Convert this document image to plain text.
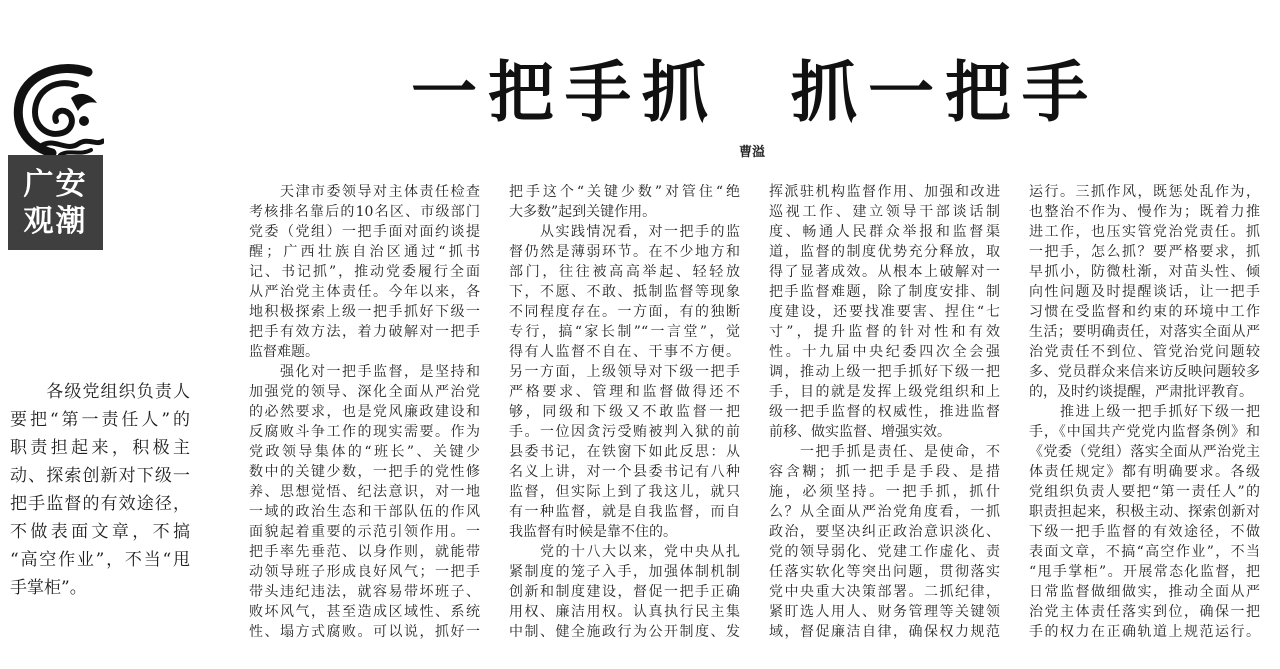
广安
观潮
一把手抓 抓一把手
曹溢
　　各级党组织负责人
要把“第一责任人”的
职责担起来，积极主
动、探索创新对下级一
把手监督的有效途径，
不做表面文章，不搞
“高空作业”，不当“甩
手掌柜”。
　　天津市委领导对主体责任检查
考核排名靠后的10名区、市级部门
党委（党组）一把手面对面约谈提
醒；广西壮族自治区通过“抓书
记、书记抓”，推动党委履行全面
从严治党主体责任。今年以来，各
地积极探索上级一把手抓好下级一
把手有效方法，着力破解对一把手
监督难题。
　　强化对一把手监督，是坚持和
加强党的领导、深化全面从严治党
的必然要求，也是党风廉政建设和
反腐败斗争工作的现实需要。作为
党政领导集体的“班长”、关键少
数中的关键少数，一把手的党性修
养、思想觉悟、纪法意识，对一地
一域的政治生态和干部队伍的作风
面貌起着重要的示范引领作用。一
把手率先垂范、以身作则，就能带
动领导班子形成良好风气；一把手
带头违纪违法，就容易带坏班子、
败坏风气，甚至造成区域性、系统
性、塌方式腐败。可以说，抓好一
把手这个“关键少数”对管住“绝
大多数”起到关键作用。
　　从实践情况看，对一把手的监
督仍然是薄弱环节。在不少地方和
部门，往往被高高举起、轻轻放
下，不愿、不敢、抵制监督等现象
不同程度存在。一方面，有的独断
专行，搞“家长制”“一言堂”，觉
得有人监督不自在、干事不方便。
另一方面，上级领导对下级一把手
严格要求、管理和监督做得还不
够，同级和下级又不敢监督一把
手。一位因贪污受贿被判入狱的前
县委书记，在铁窗下如此反思：从
名义上讲，对一个县委书记有八种
监督，但实际上到了我这儿，就只
有一种监督，就是自我监督，而自
我监督有时候是靠不住的。
　　党的十八大以来，党中央从扎
紧制度的笼子入手，加强体制机制
创新和制度建设，督促一把手正确
用权、廉洁用权。认真执行民主集
中制、健全施政行为公开制度、发
挥派驻机构监督作用、加强和改进
巡视工作、建立领导干部谈话制
度、畅通人民群众举报和监督渠
道，监督的制度优势充分释放，取
得了显著成效。从根本上破解对一
把手监督难题，除了制度安排、制
度建设，还要找准要害、捏住“七
寸”，提升监督的针对性和有效
性。十九届中央纪委四次全会强
调，推动上级一把手抓好下级一把
手，目的就是发挥上级党组织和上
级一把手监督的权威性，推进监督
前移、做实监督、增强实效。
　　一把手抓是责任、是使命，不
容含糊；抓一把手是手段、是措
施，必须坚持。一把手抓，抓什
么？从全面从严治党角度看，一抓
政治，要坚决纠正政治意识淡化、
党的领导弱化、党建工作虚化、责
任落实软化等突出问题，贯彻落实
党中央重大决策部署。二抓纪律，
紧盯选人用人、财务管理等关键领
域，督促廉洁自律，确保权力规范
运行。三抓作风，既惩处乱作为，
也整治不作为、慢作为；既着力推
进工作，也压实管党治党责任。抓
一把手，怎么抓？要严格要求，抓
早抓小，防微杜渐，对苗头性、倾
向性问题及时提醒谈话，让一把手
习惯在受监督和约束的环境中工作
生活；要明确责任，对落实全面从严
治党责任不到位、管党治党问题较
多、党员群众来信来访反映问题较多
的，及时约谈提醒，严肃批评教育。
　　推进上级一把手抓好下级一把
手，《中国共产党党内监督条例》和
《党委（党组）落实全面从严治党主
体责任规定》都有明确要求。各级
党组织负责人要把“第一责任人”的
职责担起来，积极主动、探索创新对
下级一把手监督的有效途径，不做
表面文章，不搞“高空作业”，不当
“甩手掌柜”。开展常态化监督，把
日常监督做细做实，推动全面从严
治党主体责任落实到位，确保一把
手的权力在正确轨道上规范运行。
